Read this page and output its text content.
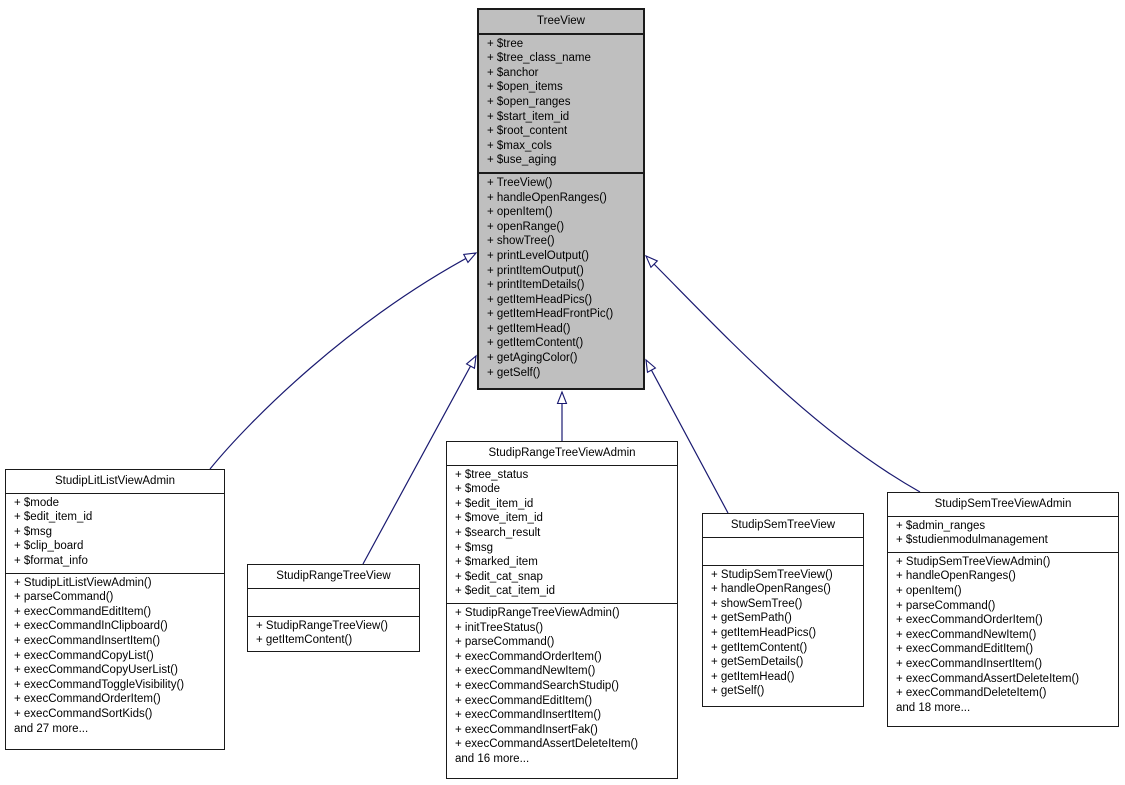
TreeView
+ $tree
+ $tree_class_name
+ $anchor
+ $open_items
+ $open_ranges
+ $start_item_id
+ $root_content
+ $max_cols
+ $use_aging
+ TreeView()
+ handleOpenRanges()
+ openItem()
+ openRange()
+ showTree()
+ printLevelOutput()
+ printItemOutput()
+ printItemDetails()
+ getItemHeadPics()
+ getItemHeadFrontPic()
+ getItemHead()
+ getItemContent()
+ getAgingColor()
+ getSelf()
StudipLitListViewAdmin
+ $mode
+ $edit_item_id
+ $msg
+ $clip_board
+ $format_info
+ StudipLitListViewAdmin()
+ parseCommand()
+ execCommandEditItem()
+ execCommandInClipboard()
+ execCommandInsertItem()
+ execCommandCopyList()
+ execCommandCopyUserList()
+ execCommandToggleVisibility()
+ execCommandOrderItem()
+ execCommandSortKids()
and 27 more...
StudipRangeTreeView
+ StudipRangeTreeView()
+ getItemContent()
StudipRangeTreeViewAdmin
+ $tree_status
+ $mode
+ $edit_item_id
+ $move_item_id
+ $search_result
+ $msg
+ $marked_item
+ $edit_cat_snap
+ $edit_cat_item_id
+ StudipRangeTreeViewAdmin()
+ initTreeStatus()
+ parseCommand()
+ execCommandOrderItem()
+ execCommandNewItem()
+ execCommandSearchStudip()
+ execCommandEditItem()
+ execCommandInsertItem()
+ execCommandInsertFak()
+ execCommandAssertDeleteItem()
and 16 more...
StudipSemTreeView
+ StudipSemTreeView()
+ handleOpenRanges()
+ showSemTree()
+ getSemPath()
+ getItemHeadPics()
+ getItemContent()
+ getSemDetails()
+ getItemHead()
+ getSelf()
StudipSemTreeViewAdmin
+ $admin_ranges
+ $studienmodulmanagement
+ StudipSemTreeViewAdmin()
+ handleOpenRanges()
+ openItem()
+ parseCommand()
+ execCommandOrderItem()
+ execCommandNewItem()
+ execCommandEditItem()
+ execCommandInsertItem()
+ execCommandAssertDeleteItem()
+ execCommandDeleteItem()
and 18 more...
